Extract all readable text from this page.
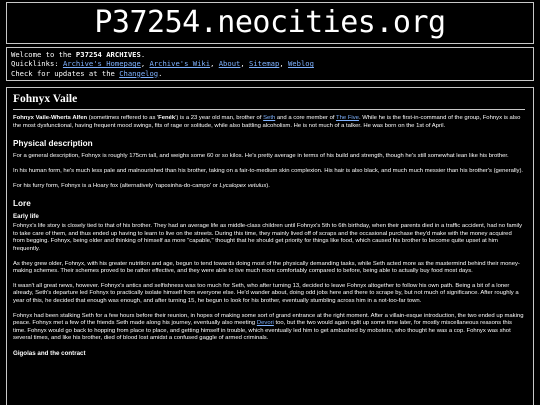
P37254.neocities.org
Welcome to the P37254 ARCHIVES.
Quicklinks: Archive's Homepage, Archive's Wiki, About, Sitemap, Weblog
Check for updates at the Changelog.
Fohnyx Vaile

Fohnyx Vaile-Wherts Alfen (sometimes reffered to as 'Fenék') is a 23 year old man, brother of Seth and a core member of The Five. While he is the first-in-command of the group, Fohnyx is also the most dysfunctional, having frequent mood swings, fits of rage or solitude, while also battling alcoholism. He is not much of a talker. He was born on the 1st of April.

Physical description

For a general description, Fohnyx is roughly 175cm tall, and weighs some 60 or so kilos. He's pretty average in terms of his build and strength, though he's still somewhat lean like his brother.

In his human form, he's much less pale and malnourished than his brother, taking on a fair-to-medium skin complexion. His hair is also black, and much much messier than his brother's (generally).

For his furry form, Fohnyx is a Hoary fox (alternatively 'raposinha-do-campo' or Lycalopex vetulus).

Lore
Early life

Fohnyx's life story is closely tied to that of his brother. They had an average life as middle-class children until Fohnyx's 5th to 6th birthday, when their parents died in a traffic accident, had no family to take care of them, and thus ended up having to learn to live on the streets. During this time, they mainly lived off of scraps and the occasional purchase they'd make with the money acquired from begging. Fohnyx, being older and thinking of himself as more "capable," thought that he should get priority for things like food, which caused his brother to become quite upset at him frequently.

As they grew older, Fohnyx, with his greater nutrition and age, begun to tend towards doing most of the physically demanding tasks, while Seth acted more as the mastermind behind their money-making schemes. Their schemes proved to be rather effective, and they were able to live much more comfortably compared to before, being able to actually buy food most days.

It wasn't all great news, however. Fohnyx's antics and selfishness was too much for Seth, who after turning 13, decided to leave Fohnyx altogether to follow his own path. Being a bit of a loner already, Seth's departure led Fohnyx to practically isolate himself from everyone else. He'd wander about, doing odd jobs here and there to scrape by, but not much of significance. After roughly a year of this, he decided that enough was enough, and after turning 15, he begun to look for his brother, eventually stumbling across him in a not-too-far town.

Fohnyx had been stalking Seth for a few hours before their reunion, in hopes of making some sort of grand entrance at the right moment. After a villain-esque introduction, the two ended up making peace. Fohnyx met a few of the friends Seth made along his journey, eventually also meeting Devori too, but the two would again split up some time later, for mostly miscellaneous reasons this time. Fohnyx would go back to hopping from place to place, and getting himself in trouble, which eventually led him to get ambushed by mobsters, who thought he was a cop. Fohnyx was shot several times, and like his brother, died of blood lost amidst a confused gaggle of armed criminals.

Gigolas and the contract
